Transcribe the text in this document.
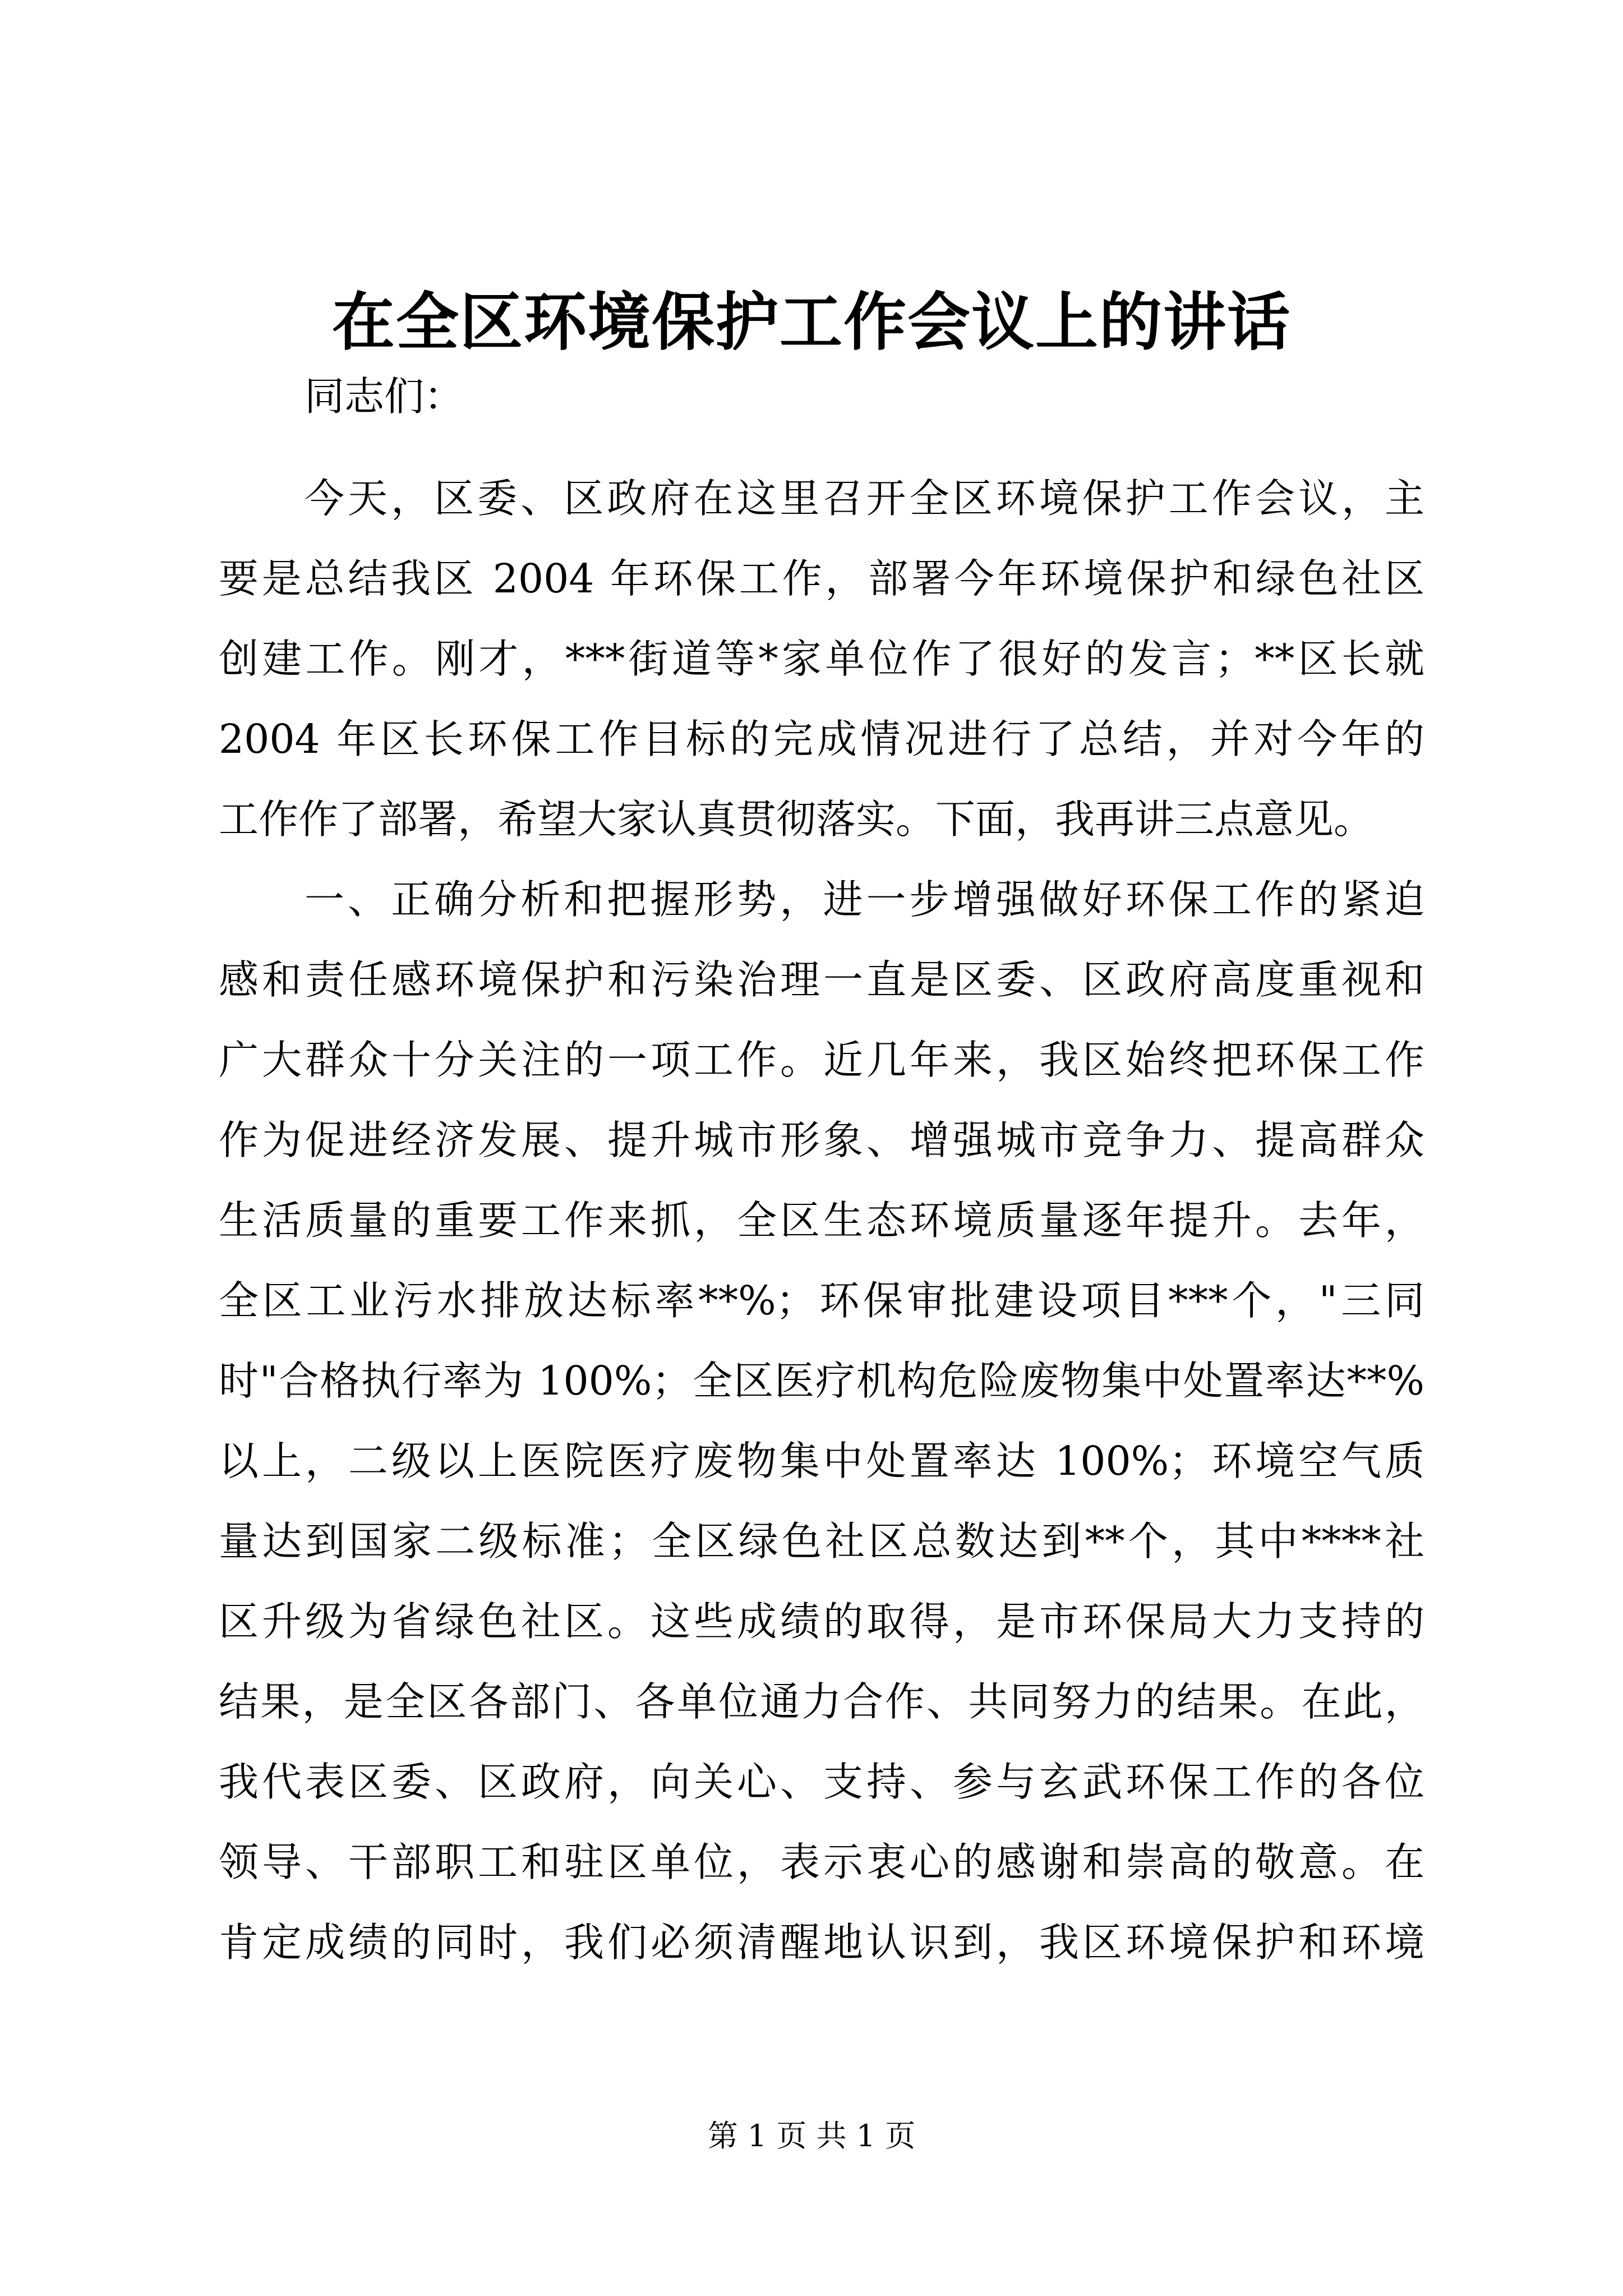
在全区环境保护工作会议上的讲话
同志们：
今天，区委、区政府在这里召开全区环境保护工作会议，主
要是总结我区 2004 年环保工作，部署今年环境保护和绿色社区
创建工作。刚才，***街道等*家单位作了很好的发言；**区长就
2004 年区长环保工作目标的完成情况进行了总结，并对今年的
工作作了部署，希望大家认真贯彻落实。下面，我再讲三点意见。
一、正确分析和把握形势，进一步增强做好环保工作的紧迫
感和责任感环境保护和污染治理一直是区委、区政府高度重视和
广大群众十分关注的一项工作。近几年来，我区始终把环保工作
作为促进经济发展、提升城市形象、增强城市竞争力、提高群众
生活质量的重要工作来抓，全区生态环境质量逐年提升。去年，
全区工业污水排放达标率**%；环保审批建设项目***个，"三同
时"合格执行率为 100%；全区医疗机构危险废物集中处置率达**%
以上，二级以上医院医疗废物集中处置率达 100%；环境空气质
量达到国家二级标准；全区绿色社区总数达到**个，其中****社
区升级为省绿色社区。这些成绩的取得，是市环保局大力支持的
结果，是全区各部门、各单位通力合作、共同努力的结果。在此，
我代表区委、区政府，向关心、支持、参与玄武环保工作的各位
领导、干部职工和驻区单位，表示衷心的感谢和崇高的敬意。在
肯定成绩的同时，我们必须清醒地认识到，我区环境保护和环境
第 1 页 共 1 页
